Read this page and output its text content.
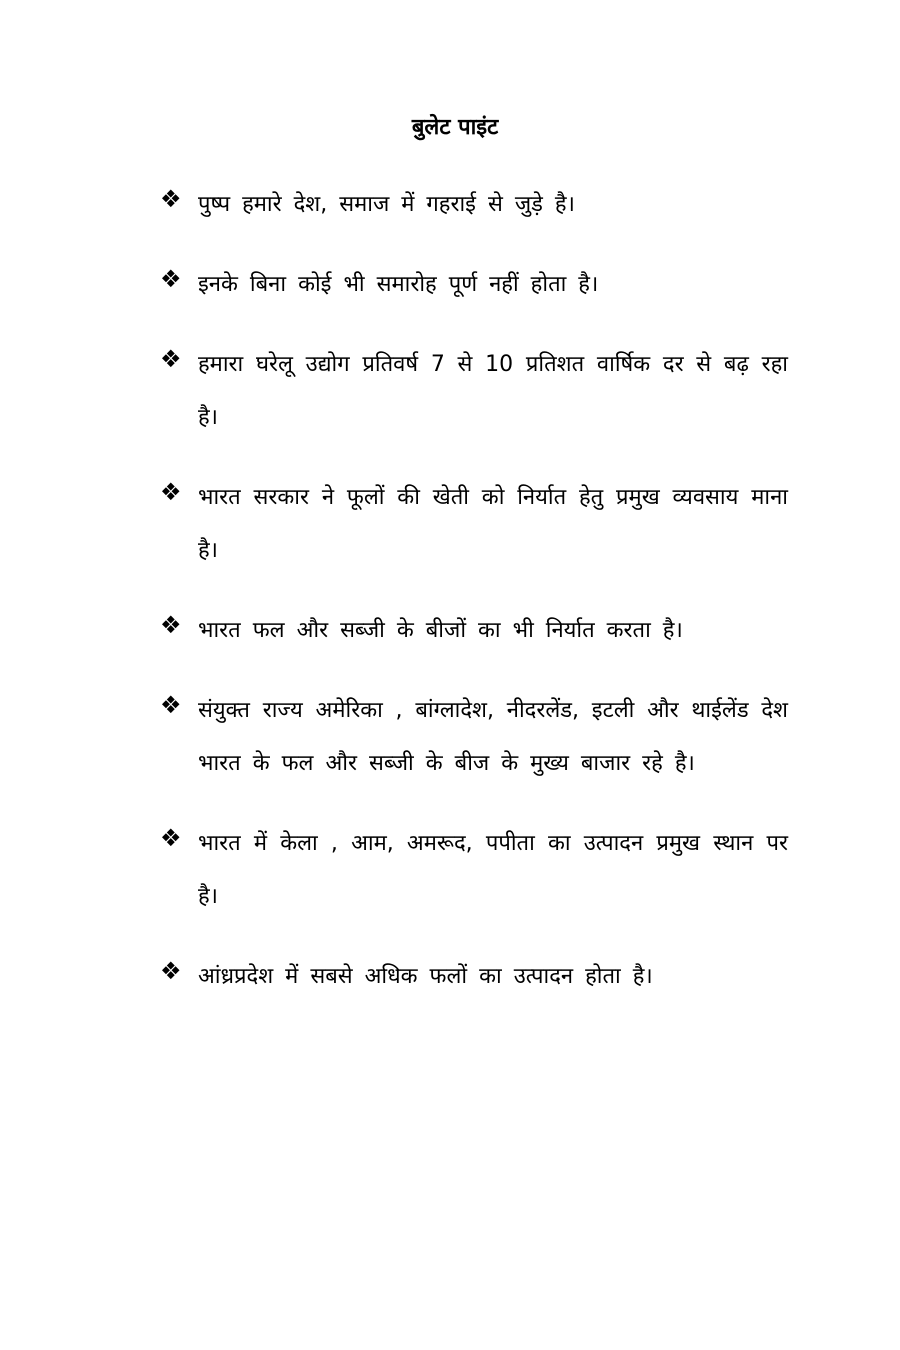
बुलेट पाइंट
❖ पुष्प हमारे देश, समाज में गहराई से जुड़े है।
❖ इनके बिना कोई भी समारोह पूर्ण नहीं होता है।
❖ हमारा घरेलू उद्योग प्रतिवर्ष 7 से 10 प्रतिशत वार्षिक दर से बढ़ रहा है।
❖ भारत सरकार ने फूलों की खेती को निर्यात हेतु प्रमुख व्यवसाय माना है।
❖ भारत फल और सब्जी के बीजों का भी निर्यात करता है।
❖ संयुक्त राज्य अमेरिका , बांग्लादेश, नीदरलेंड, इटली और थाईलेंड देश भारत के फल और सब्जी के बीज के मुख्य बाजार रहे है।
❖ भारत में केला , आम, अमरूद, पपीता का उत्पादन प्रमुख स्थान पर है।
❖ आंध्रप्रदेश में सबसे अधिक फलों का उत्पादन होता है।
